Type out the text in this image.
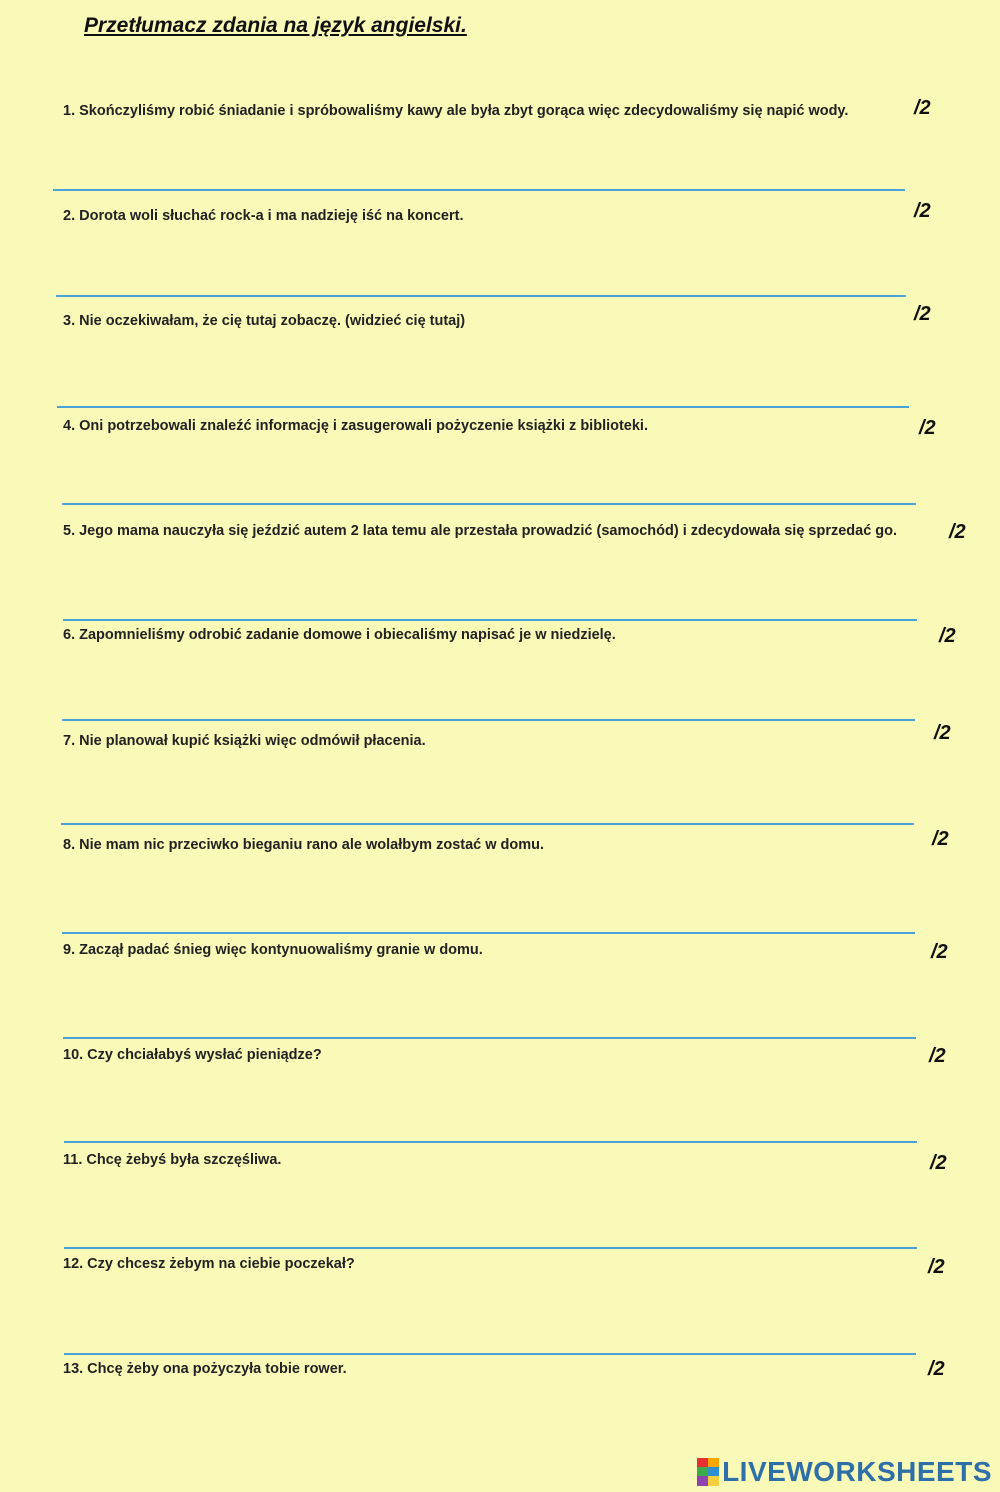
Przetłumacz zdania na język angielski.
1. Skończyliśmy robić śniadanie i spróbowaliśmy kawy ale była zbyt gorąca więc zdecydowaliśmy się napić wody.	/2
2. Dorota woli słuchać rock-a i ma nadzieję iść na koncert.	/2
3. Nie oczekiwałam, że cię tutaj zobaczę. (widzieć cię tutaj)	/2
4. Oni potrzebowali znaleźć informację i zasugerowali pożyczenie książki z biblioteki.	/2
5. Jego mama nauczyła się jeździć autem 2 lata temu ale przestała prowadzić (samochód) i zdecydowała się sprzedać go.	/2
6. Zapomnieliśmy odrobić zadanie domowe i obiecaliśmy napisać je w niedzielę.	/2
7. Nie planował kupić książki więc odmówił płacenia.	/2
8. Nie mam nic przeciwko bieganiu rano ale wolałbym zostać w domu.	/2
9. Zaczął padać śnieg więc kontynuowaliśmy granie w domu.	/2
10. Czy chciałabyś wysłać pieniądze?	/2
11. Chcę żebyś była szczęśliwa.	/2
12. Czy chcesz żebym na ciebie poczekał?	/2
13. Chcę żeby ona pożyczyła tobie rower.	/2
LIVEWORKSHEETS
